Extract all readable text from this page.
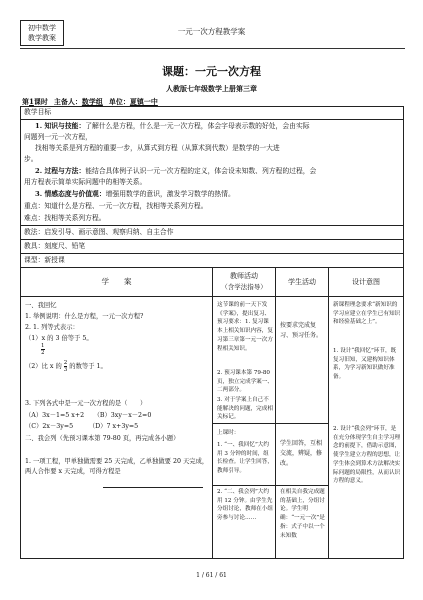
初中数学
教学教案
一元一次方程教学案
课题：一元一次方程
人教版七年级数学上册第三章
第1课时 主备人：数学组 单位：夏镇一中
教学目标
1. 知识与技能：了解什么是方程，什么是一元一次方程，体会字母表示数的好处，会由实际
问题列一元一次方程，
找相等关系是列方程的重要一步，从算式到方程（从算术到代数）是数学的一大进
步。
2. 过程与方法：能结合具体例子认识一元一次方程的定义，体会设未知数、列方程的过程，会
用方程表示简单实际问题中的相等关系。
3. 情感态度与价值观：增强用数学的意识，激发学习数学的热情。
重点：知道什么是方程、一元一次方程，找相等关系列方程。
难点：找相等关系列方程。
教法：启发引导、画示意图、观察归纳、自主合作
教具：刻度尺、铅笔
课型：新授课
学　　案
教师活动
（含学法指导）
学生活动	设计意图
一、我回忆
1. 举例说明：什么是方程，一元一次方程?
2. 1. 列等式表示：
（1）x 的 3 倍等于 5。
$\frac{1}{2}$
（2）比 x 的 $\frac{2}{3}$ 的数等于 1。
3. 下列各式中是一元一次方程的是（　　）
（A）3x－1=5 x+2　　（B）3xy－x－2=0
（C）2x－3y=5　　　（D）7 x+3y=5
二、我会列（先预习课本第 79-80 页，再完成各小题）
1. 一项工程，甲单独做需要 25 天完成，乙单独做要 20 天完成，两人合作要 x 天完成，可得方程是
这节课的前一天下发《学案》，提出复习、预习要求：1. 复习课本上相关知识内容，复习第三章第一元一次方程相关知识。
2. 预习课本第 79-80 页，独立完成学案一、二两部分。
3. 对于学案上自己不能解决的问题，完成相关标记。
上课时：
1. “一、我回忆”大约用 3 分钟的时间，组长检查。让学生回答，教师引导。
2. “二、我会列”大约用 12 分钟。由学生先分组讨论，教师在小组旁参与讨论……
按要求完成复习、预习任务。
学生回答，互相交流，辨疑，修改。
在相关自我完成题的基础上，分组讨论。学生明确：“一元一次”是指：式子中以一个未知数
新课程理念要求“新知识的学习应建立在学生已有知识和经验基础之上”。
1. 设计“我回忆”环节，既复习旧知，又建构知识体系，为学习新知识做好准备。
2. 设计“我会列”环节，是在充分体现学生自主学习理念的前提下，借助示意图，使学生建立方程的思想，让学生体会到算术方法解决实际问题的局限性，从而认识方程的意义。
1 / 61 / 61
